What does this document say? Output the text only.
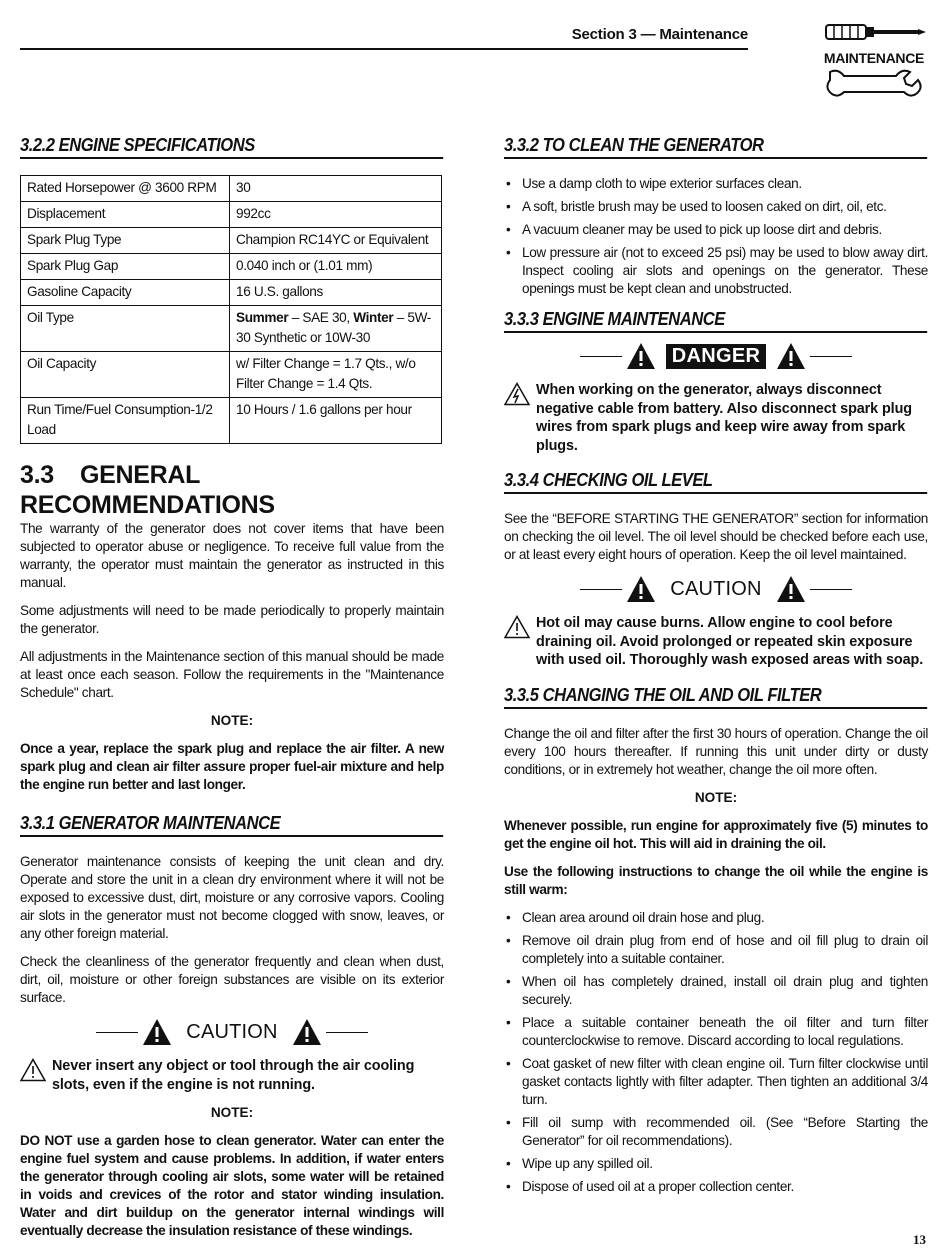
Section 3 — Maintenance
MAINTENANCE
3.2.2 ENGINE SPECIFICATIONS
Rated Horsepower @ 3600 RPM	30
Displacement	992cc
Spark Plug Type	Champion RC14YC or Equivalent
Spark Plug Gap	0.040 inch or (1.01 mm)
Gasoline Capacity	16 U.S. gallons
Oil Type	Summer – SAE 30, Winter – 5W-30 Synthetic or 10W-30
Oil Capacity	w/ Filter Change = 1.7 Qts., w/o Filter Change = 1.4 Qts.
Run Time/Fuel Consumption-1/2 Load	10 Hours / 1.6 gallons per hour
3.3 GENERAL RECOMMENDATIONS

The warranty of the generator does not cover items that have been subjected to operator abuse or negligence. To receive full value from the warranty, the operator must maintain the generator as instructed in this manual.

Some adjustments will need to be made periodically to properly maintain the generator.

All adjustments in the Maintenance section of this manual should be made at least once each season. Follow the requirements in the "Maintenance Schedule" chart.

NOTE:

Once a year, replace the spark plug and replace the air filter. A new spark plug and clean air filter assure proper fuel-air mixture and help the engine run better and last longer.

3.3.1 GENERATOR MAINTENANCE

Generator maintenance consists of keeping the unit clean and dry. Operate and store the unit in a clean dry environment where it will not be exposed to excessive dust, dirt, moisture or any corrosive vapors. Cooling air slots in the generator must not become clogged with snow, leaves, or any other foreign material.

Check the cleanliness of the generator frequently and clean when dust, dirt, oil, moisture or other foreign substances are visible on its exterior surface.

CAUTION
Never insert any object or tool through the air cooling slots, even if the engine is not running.
NOTE:

DO NOT use a garden hose to clean generator. Water can enter the engine fuel system and cause problems. In addition, if water enters the generator through cooling air slots, some water will be retained in voids and crevices of the rotor and stator winding insulation. Water and dirt buildup on the generator internal windings will eventually decrease the insulation resistance of these windings.

3.3.2 TO CLEAN THE GENERATOR
• Use a damp cloth to wipe exterior surfaces clean.
• A soft, bristle brush may be used to loosen caked on dirt, oil, etc.
• A vacuum cleaner may be used to pick up loose dirt and debris.
• Low pressure air (not to exceed 25 psi) may be used to blow away dirt. Inspect cooling air slots and openings on the generator. These openings must be kept clean and unobstructed.
3.3.3 ENGINE MAINTENANCE
DANGER
When working on the generator, always disconnect negative cable from battery. Also disconnect spark plug wires from spark plugs and keep wire away from spark plugs.
3.3.4 CHECKING OIL LEVEL

See the “BEFORE STARTING THE GENERATOR” section for information on checking the oil level. The oil level should be checked before each use, or at least every eight hours of operation. Keep the oil level maintained.

CAUTION
Hot oil may cause burns. Allow engine to cool before draining oil. Avoid prolonged or repeated skin exposure with used oil. Thoroughly wash exposed areas with soap.
3.3.5 CHANGING THE OIL AND OIL FILTER

Change the oil and filter after the first 30 hours of operation. Change the oil every 100 hours thereafter. If running this unit under dirty or dusty conditions, or in extremely hot weather, change the oil more often.

NOTE:

Whenever possible, run engine for approximately five (5) minutes to get the engine oil hot. This will aid in draining the oil.

Use the following instructions to change the oil while the engine is still warm:

• Clean area around oil drain hose and plug.
• Remove oil drain plug from end of hose and oil fill plug to drain oil completely into a suitable container.
• When oil has completely drained, install oil drain plug and tighten securely.
• Place a suitable container beneath the oil filter and turn filter counterclockwise to remove. Discard according to local regulations.
• Coat gasket of new filter with clean engine oil. Turn filter clockwise until gasket contacts lightly with filter adapter. Then tighten an additional 3/4 turn.
• Fill oil sump with recommended oil. (See “Before Starting the Generator” for oil recommendations).
• Wipe up any spilled oil.
• Dispose of used oil at a proper collection center.
13
